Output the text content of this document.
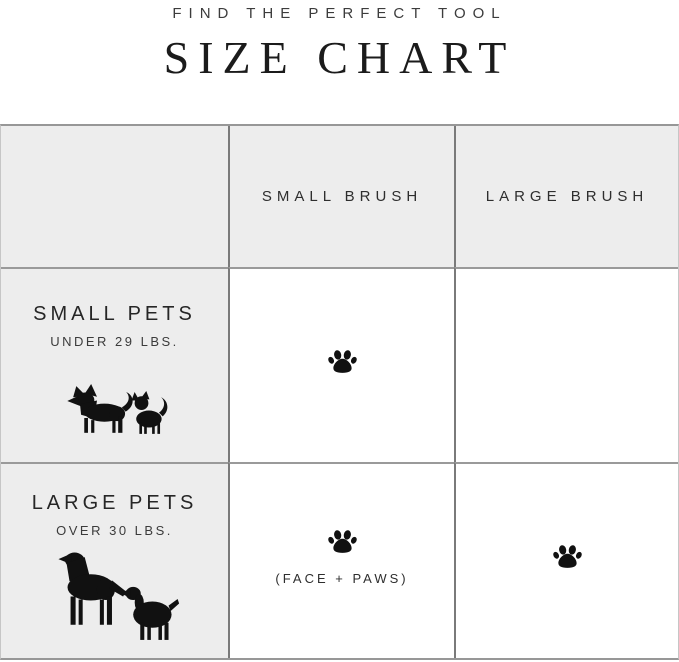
FIND THE PERFECT TOOL
SIZE CHART
SMALL BRUSH	LARGE BRUSH
SMALL PETS
UNDER 29 LBS.
LARGE PETS
OVER 30 LBS.
(FACE + PAWS)
